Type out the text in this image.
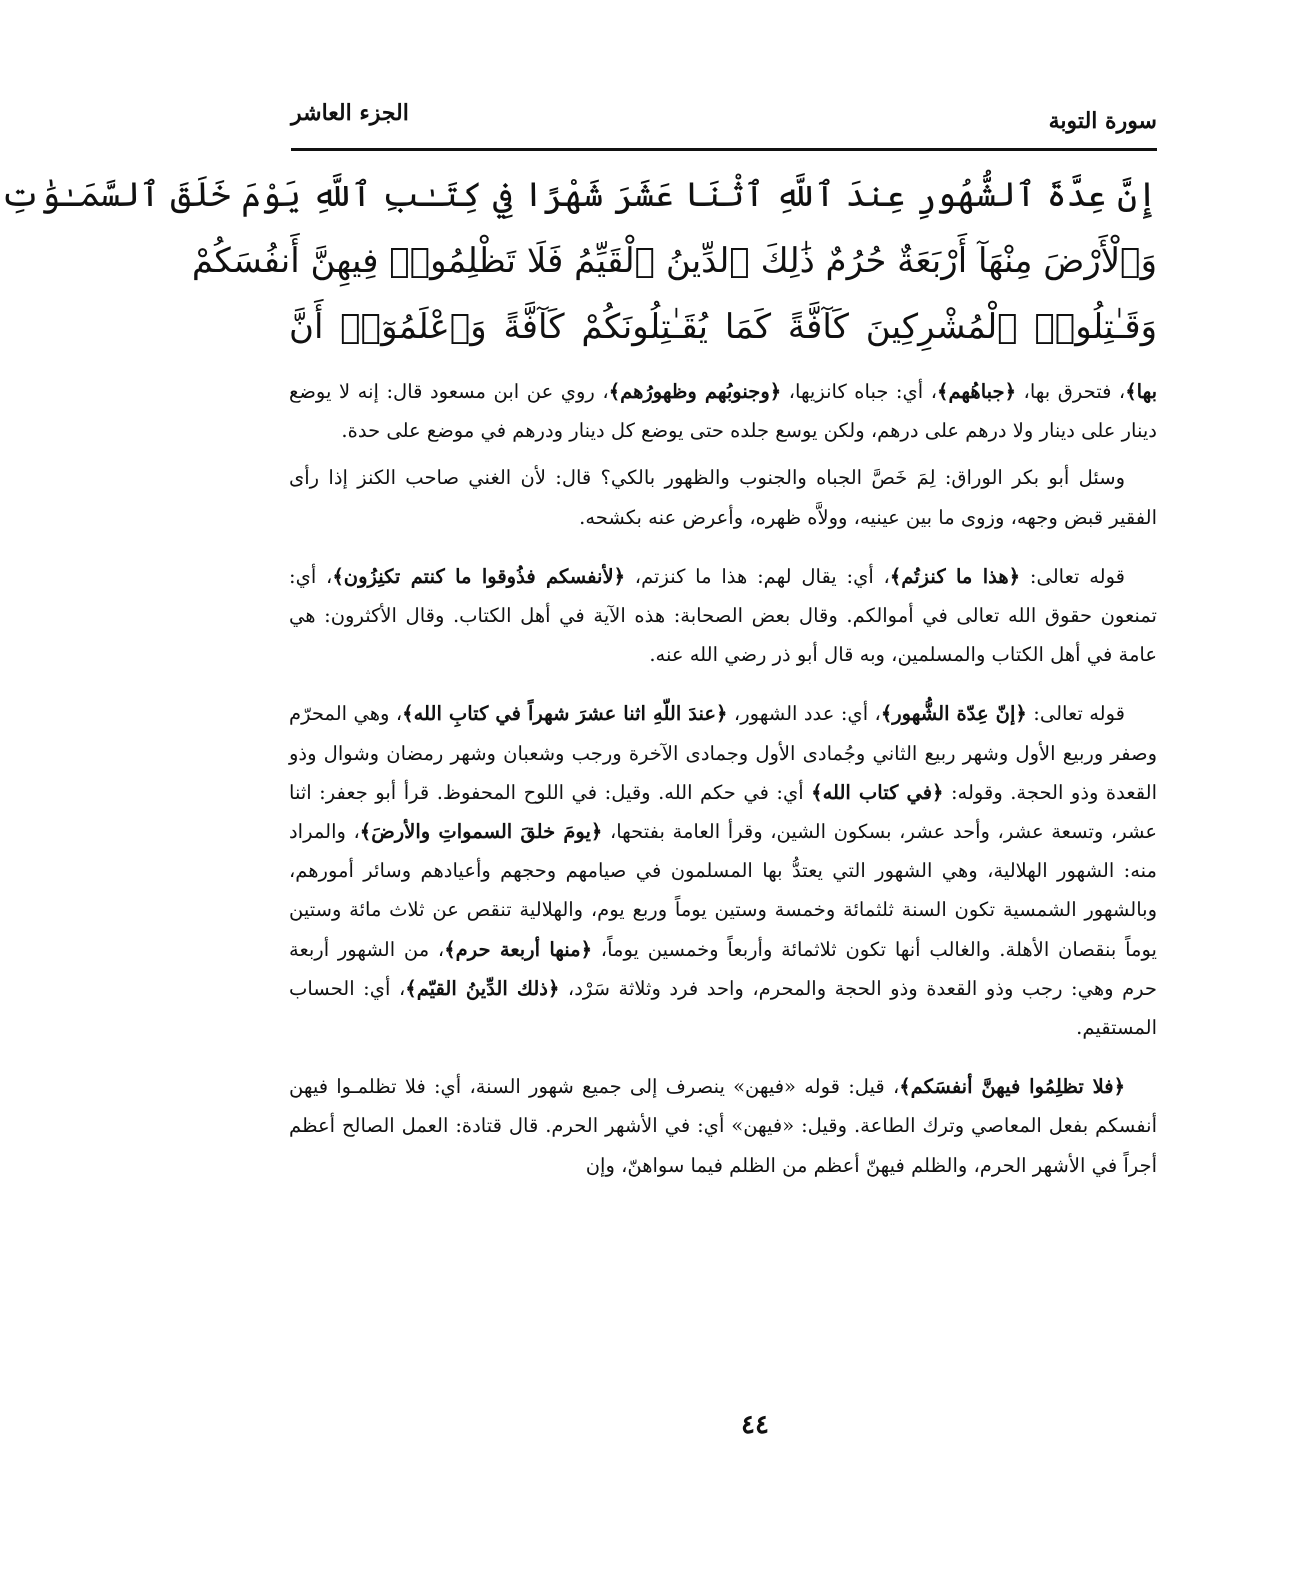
سورة التوبة
الجزء العاشر
إِنَّ عِدَّةَ ٱلشُّهُورِ عِندَ ٱللَّهِ ٱثْنَا عَشَرَ شَهْرًا فِي كِتَـٰبِ ٱللَّهِ يَوْمَ خَلَقَ ٱلسَّمَـٰوَٰتِ
وَٱلْأَرْضَ مِنْهَآ أَرْبَعَةٌ حُرُمٌ ذَٰلِكَ ٱلدِّينُ ٱلْقَيِّمُ فَلَا تَظْلِمُوا۟ فِيهِنَّ أَنفُسَكُمْ
وَقَـٰتِلُوا۟ ٱلْمُشْرِكِينَ كَآفَّةً كَمَا يُقَـٰتِلُونَكُمْ كَآفَّةً وَٱعْلَمُوٓا۟ أَنَّ

بها﴾، فتحرق بها، ﴿جباهُهم﴾، أي: جباه كانزيها، ﴿وجنوبُهم وظهورُهم﴾، روي عن ابن مسعود قال: إنه لا يوضع دينار على دينار ولا درهم على درهم، ولكن يوسع جلده حتى يوضع كل دينار ودرهم في موضع على حدة.

وسئل أبو بكر الوراق: لِمَ خَصَّ الجباه والجنوب والظهور بالكي؟ قال: لأن الغني صاحب الكنز إذا رأى الفقير قبض وجهه، وزوى ما بين عينيه، وولاَّه ظهره، وأعرض عنه بكشحه.

قوله تعالى: ﴿هذا ما كنزتُم﴾، أي: يقال لهم: هذا ما كنزتم، ﴿لأنفسكم فذُوقوا ما كنتم تكنِزُون﴾، أي: تمنعون حقوق الله تعالى في أموالكم. وقال بعض الصحابة: هذه الآية في أهل الكتاب. وقال الأكثرون: هي عامة في أهل الكتاب والمسلمين، وبه قال أبو ذر رضي الله عنه.

قوله تعالى: ﴿إنّ عِدّة الشُّهور﴾، أي: عدد الشهور، ﴿عندَ اللّهِ اثنا عشرَ شهراً في كتابِ الله﴾، وهي المحرّم وصفر وربيع الأول وشهر ربيع الثاني وجُمادى الأول وجمادى الآخرة ورجب وشعبان وشهر رمضان وشوال وذو القعدة وذو الحجة. وقوله: ﴿في كتاب الله﴾ أي: في حكم الله. وقيل: في اللوح المحفوظ. قرأ أبو جعفر: اثنا عشر، وتسعة عشر، وأحد عشر، بسكون الشين، وقرأ العامة بفتحها، ﴿يومَ خلقَ السمواتِ والأرضَ﴾، والمراد منه: الشهور الهلالية، وهي الشهور التي يعتدُّ بها المسلمون في صيامهم وحجهم وأعيادهم وسائر أمورهم، وبالشهور الشمسية تكون السنة ثلثمائة وخمسة وستين يوماً وربع يوم، والهلالية تنقص عن ثلاث مائة وستين يوماً بنقصان الأهلة. والغالب أنها تكون ثلاثمائة وأربعاً وخمسين يوماً، ﴿منها أربعة حرم﴾، من الشهور أربعة حرم وهي: رجب وذو القعدة وذو الحجة والمحرم، واحد فرد وثلاثة سَرْد، ﴿ذلك الدِّينُ القيّم﴾، أي: الحساب المستقيم.

﴿فلا تظلِمُوا فيهنَّ أنفسَكم﴾، قيل: قوله «فيهن» ينصرف إلى جميع شهور السنة، أي: فلا تظلمـوا فيهن أنفسكم بفعل المعاصي وترك الطاعة. وقيل: «فيهن» أي: في الأشهر الحرم. قال قتادة: العمل الصالح أعظم أجراً في الأشهر الحرم، والظلم فيهنّ أعظم من الظلم فيما سواهنّ، وإن

٤٤
